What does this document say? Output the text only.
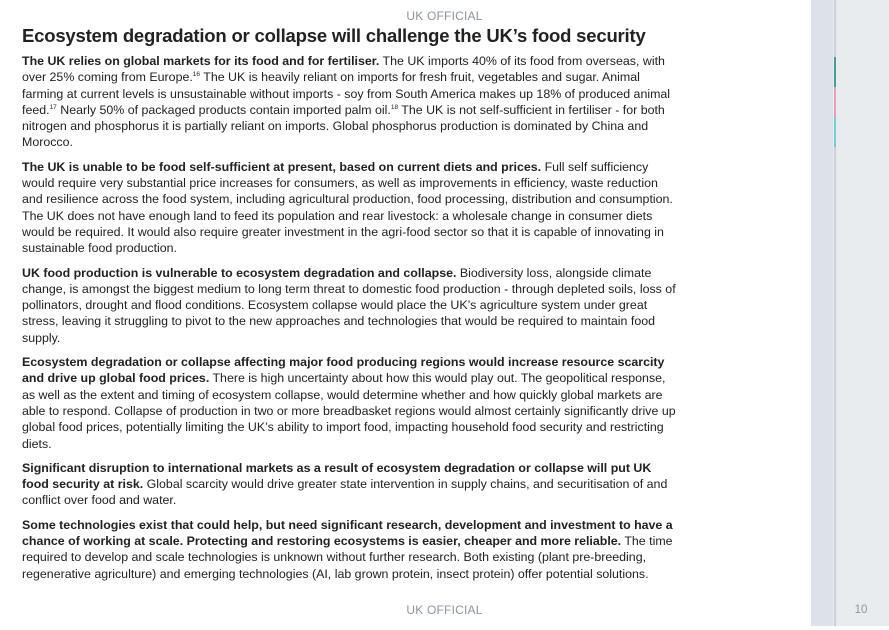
UK OFFICIAL
Ecosystem degradation or collapse will challenge the UK’s food security

The UK relies on global markets for its food and for fertiliser. The UK imports 40% of its food from overseas, with over 25% coming from Europe.$^{16}$ The UK is heavily reliant on imports for fresh fruit, vegetables and sugar. Animal farming at current levels is unsustainable without imports - soy from South America makes up 18% of produced animal feed.$^{17}$ Nearly 50% of packaged products contain imported palm oil.$^{18}$ The UK is not self-sufficient in fertiliser - for both nitrogen and phosphorus it is partially reliant on imports. Global phosphorus production is dominated by China and Morocco.

The UK is unable to be food self-sufficient at present, based on current diets and prices. Full self sufficiency would require very substantial price increases for consumers, as well as improvements in efficiency, waste reduction and resilience across the food system, including agricultural production, food processing, distribution and consumption. The UK does not have enough land to feed its population and rear livestock: a wholesale change in consumer diets would be required. It would also require greater investment in the agri-food sector so that it is capable of innovating in sustainable food production.

UK food production is vulnerable to ecosystem degradation and collapse. Biodiversity loss, alongside climate change, is amongst the biggest medium to long term threat to domestic food production - through depleted soils, loss of pollinators, drought and flood conditions. Ecosystem collapse would place the UK’s agriculture system under great stress, leaving it struggling to pivot to the new approaches and technologies that would be required to maintain food supply.

Ecosystem degradation or collapse affecting major food producing regions would increase resource scarcity and drive up global food prices. There is high uncertainty about how this would play out. The geopolitical response, as well as the extent and timing of ecosystem collapse, would determine whether and how quickly global markets are able to respond. Collapse of production in two or more breadbasket regions would almost certainly significantly drive up global food prices, potentially limiting the UK’s ability to import food, impacting household food security and restricting diets.

Significant disruption to international markets as a result of ecosystem degradation or collapse will put UK food security at risk. Global scarcity would drive greater state intervention in supply chains, and securitisation of and conflict over food and water.

Some technologies exist that could help, but need significant research, development and investment to have a chance of working at scale. Protecting and restoring ecosystems is easier, cheaper and more reliable. The time required to develop and scale technologies is unknown without further research. Both existing (plant pre-breeding, regenerative agriculture) and emerging technologies (AI, lab grown protein, insect protein) offer potential solutions.

UK OFFICIAL	10
